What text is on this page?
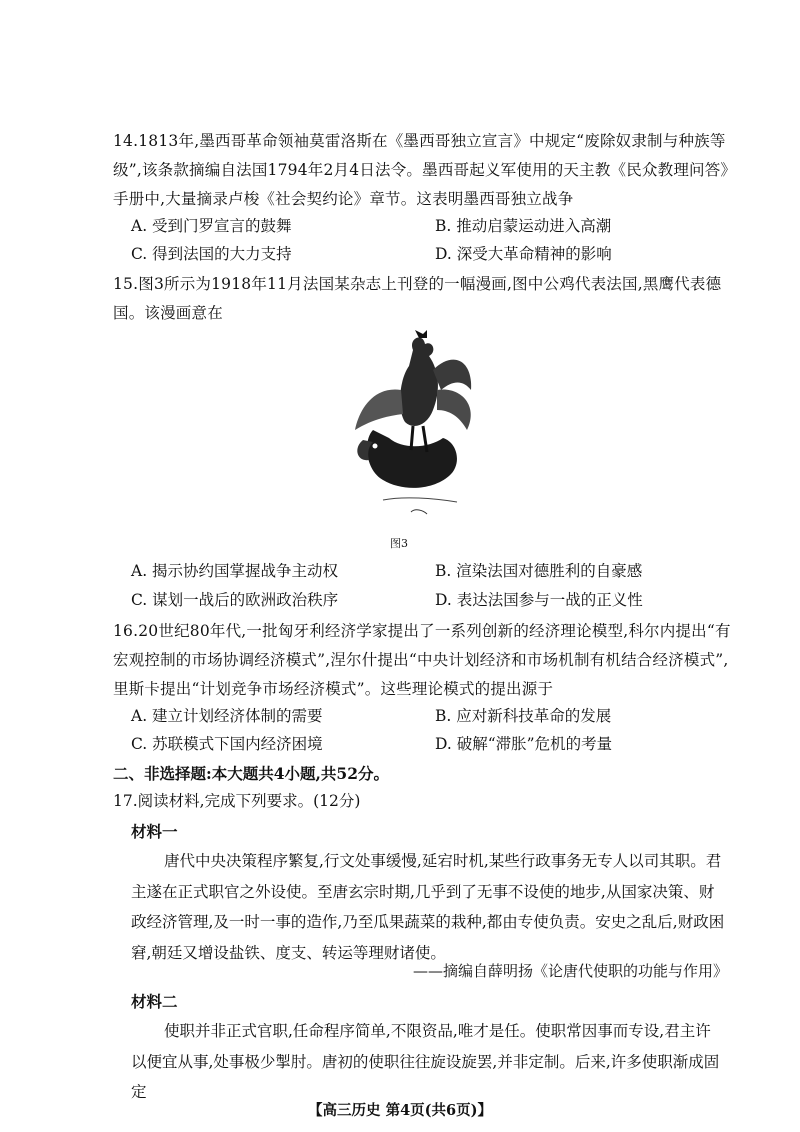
14.1813年,墨西哥革命领袖莫雷洛斯在《墨西哥独立宣言》中规定“废除奴隶制与种族等级”,该条款摘编自法国1794年2月4日法令。墨西哥起义军使用的天主教《民众教理问答》手册中,大量摘录卢梭《社会契约论》章节。这表明墨西哥独立战争
A. 受到门罗宣言的鼓舞	B. 推动启蒙运动进入高潮
C. 得到法国的大力支持	D. 深受大革命精神的影响
15.图3所示为1918年11月法国某杂志上刊登的一幅漫画,图中公鸡代表法国,黑鹰代表德国。该漫画意在
图3
A. 揭示协约国掌握战争主动权	B. 渲染法国对德胜利的自豪感
C. 谋划一战后的欧洲政治秩序	D. 表达法国参与一战的正义性
16.20世纪80年代,一批匈牙利经济学家提出了一系列创新的经济理论模型,科尔内提出“有宏观控制的市场协调经济模式”,涅尔什提出“中央计划经济和市场机制有机结合经济模式”,里斯卡提出“计划竞争市场经济模式”。这些理论模式的提出源于
A. 建立计划经济体制的需要	B. 应对新科技革命的发展
C. 苏联模式下国内经济困境	D. 破解“滞胀”危机的考量
二、非选择题:本大题共4小题,共52分。
17.阅读材料,完成下列要求。(12分)
材料一
唐代中央决策程序繁复,行文处事缓慢,延宕时机,某些行政事务无专人以司其职。君主遂在正式职官之外设使。至唐玄宗时期,几乎到了无事不设使的地步,从国家决策、财政经济管理,及一时一事的造作,乃至瓜果蔬菜的栽种,都由专使负责。安史之乱后,财政困窘,朝廷又增设盐铁、度支、转运等理财诸使。
——摘编自薛明扬《论唐代使职的功能与作用》
材料二
使职并非正式官职,任命程序简单,不限资品,唯才是任。使职常因事而专设,君主许以便宜从事,处事极少掣肘。唐初的使职往往旋设旋罢,并非定制。后来,许多使职渐成固定
【高三历史 第4页(共6页)】
